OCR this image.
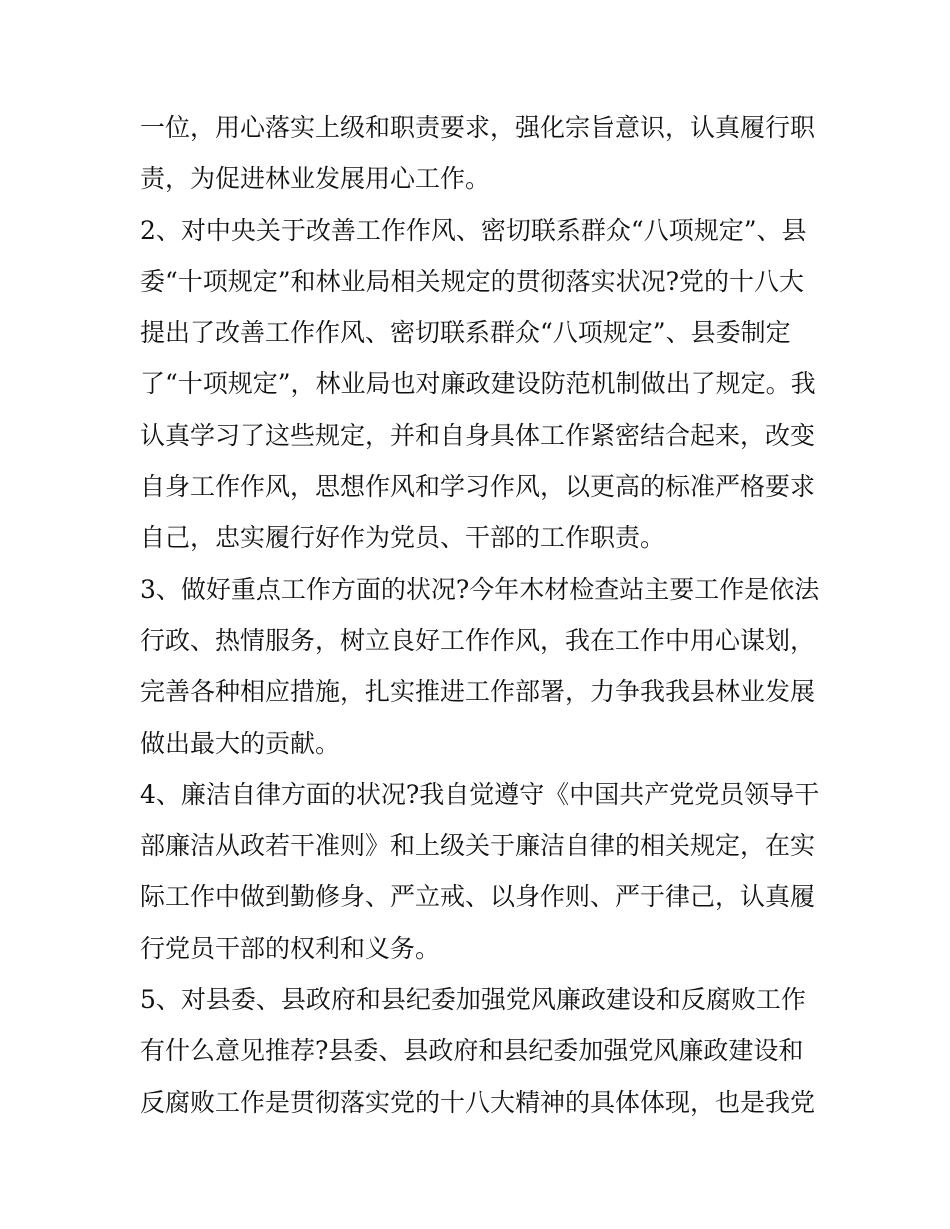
一位，用心落实上级和职责要求，强化宗旨意识，认真履行职
责，为促进林业发展用心工作。
2、对中央关于改善工作作风、密切联系群众“八项规定”、县
委“十项规定”和林业局相关规定的贯彻落实状况?党的十八大
提出了改善工作作风、密切联系群众“八项规定”、县委制定
了“十项规定”，林业局也对廉政建设防范机制做出了规定。我
认真学习了这些规定，并和自身具体工作紧密结合起来，改变
自身工作作风，思想作风和学习作风，以更高的标准严格要求
自己，忠实履行好作为党员、干部的工作职责。
3、做好重点工作方面的状况?今年木材检查站主要工作是依法
行政、热情服务，树立良好工作作风，我在工作中用心谋划，
完善各种相应措施，扎实推进工作部署，力争我我县林业发展
做出最大的贡献。
4、廉洁自律方面的状况?我自觉遵守《中国共产党党员领导干
部廉洁从政若干准则》和上级关于廉洁自律的相关规定，在实
际工作中做到勤修身、严立戒、以身作则、严于律己，认真履
行党员干部的权利和义务。
5、对县委、县政府和县纪委加强党风廉政建设和反腐败工作
有什么意见推荐?县委、县政府和县纪委加强党风廉政建设和
反腐败工作是贯彻落实党的十八大精神的具体体现，也是我党
